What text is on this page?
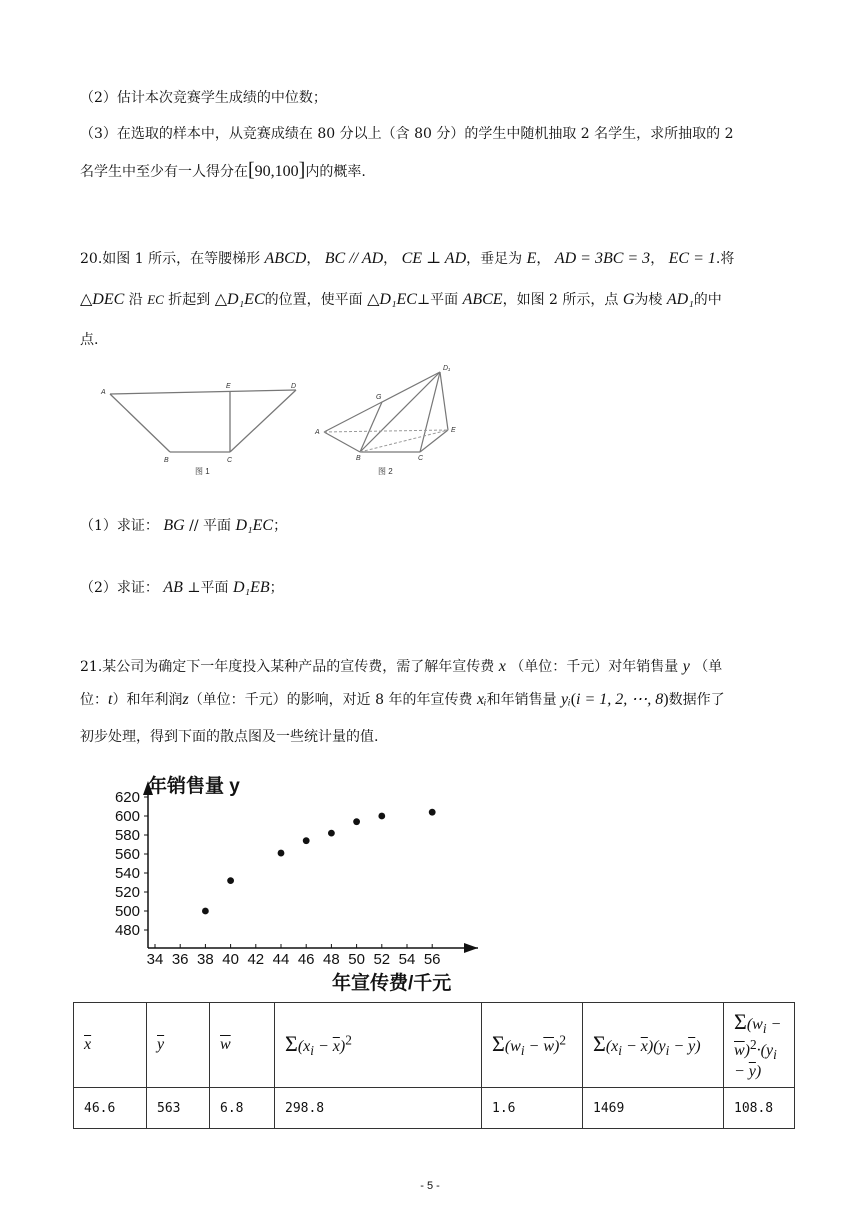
（2）估计本次竞赛学生成绩的中位数；
（3）在选取的样本中，从竞赛成绩在 80 分以上（含 80 分）的学生中随机抽取 2 名学生，求所抽取的 2
名学生中至少有一人得分在[90,100]内的概率.
20.如图 1 所示，在等腰梯形 ABCD， BC // AD， CE ⊥ AD，垂足为 E， AD = 3BC = 3， EC = 1.将
△DEC 沿 EC 折起到 △D₁EC的位置，使平面 △D₁EC⊥平面 ABCE，如图 2 所示，点 G为棱 AD₁的中
点.
A
E	D
B	C
图 1
D₁
G
A	E
B	C
图 2
（1）求证： BG // 平面 D₁EC；
（2）求证： AB ⊥平面 D₁EB；
21.某公司为确定下一年度投入某种产品的宣传费，需了解年宣传费 x （单位：千元）对年销售量 y （单
位：t）和年利润z（单位：千元）的影响，对近 8 年的年宣传费 xᵢ和年销售量 yᵢ(i = 1, 2, ⋯, 8)数据作了
初步处理，得到下面的散点图及一些统计量的值.
480
500
520
540
560
580
600
620
34 36 38 40 42 44 46 48 50 52 54 56
年销售量 y
年宣传费/千元
$\overline{x}$	$\overline{y}$	$\overline{w}$	$\Sigma(x_i - \overline{x})^2$	$\Sigma(w_i - \overline{w})^2$	$\Sigma(x_i - \overline{x})(y_i - \overline{y})$	$\Sigma(w_i - \overline{w})^2\cdot(y_i - \overline{y})$
46.6	563	6.8	298.8	1.6	1469	108.8
- 5 -
